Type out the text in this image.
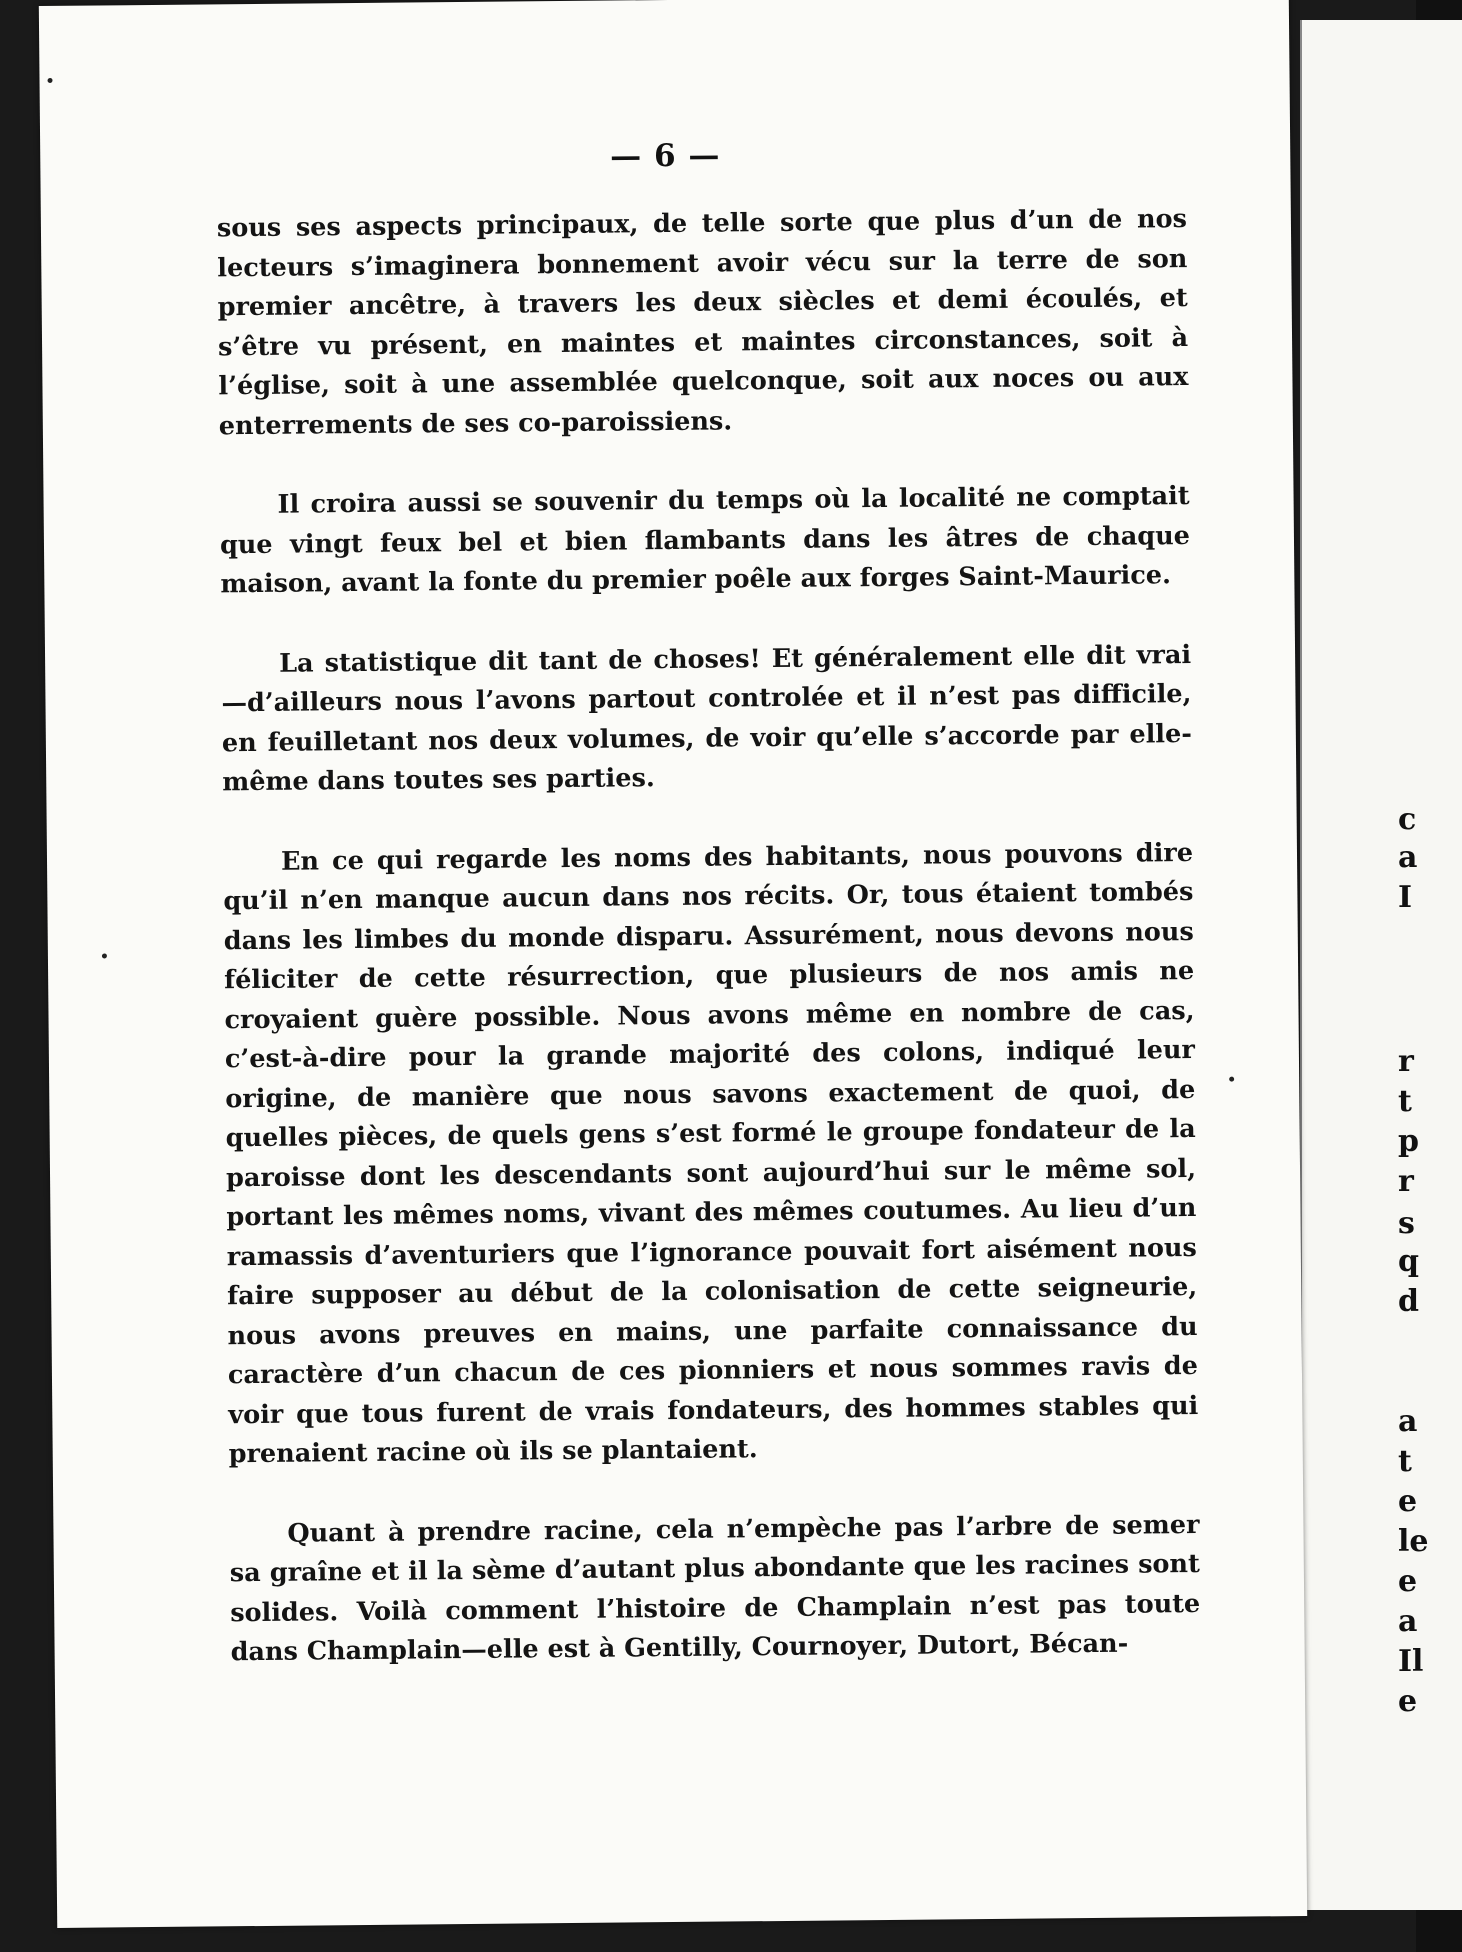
— 6 —

sous ses aspects principaux, de telle sorte que plus d’un de nos lecteurs s’imaginera bonnement avoir vécu sur la terre de son premier ancêtre, à travers les deux siècles et demi écoulés, et s’être vu présent, en maintes et maintes circonstances, soit à l’église, soit à une assemblée quelconque, soit aux noces ou aux enterrements de ses co-paroissiens.

Il croira aussi se souvenir du temps où la localité ne comptait que vingt feux bel et bien flambants dans les âtres de chaque maison, avant la fonte du premier poêle aux forges Saint-Maurice.

La statistique dit tant de choses! Et généralement elle dit vrai—d’ailleurs nous l’avons partout controlée et il n’est pas difficile, en feuilletant nos deux volumes, de voir qu’elle s’accorde par elle-même dans toutes ses parties.

En ce qui regarde les noms des habitants, nous pouvons dire qu’il n’en manque aucun dans nos récits. Or, tous étaient tombés dans les limbes du monde disparu. Assurément, nous devons nous féliciter de cette résurrection, que plusieurs de nos amis ne croyaient guère possible. Nous avons même en nombre de cas, c’est-à-dire pour la grande majorité des colons, indiqué leur origine, de manière que nous savons exactement de quoi, de quelles pièces, de quels gens s’est formé le groupe fondateur de la paroisse dont les descendants sont aujourd’hui sur le même sol, portant les mêmes noms, vivant des mêmes coutumes. Au lieu d’un ramassis d’aventuriers que l’ignorance pouvait fort aisément nous faire supposer au début de la colonisation de cette seigneurie, nous avons preuves en mains, une parfaite connaissance du caractère d’un chacun de ces pionniers et nous sommes ravis de voir que tous furent de vrais fondateurs, des hommes stables qui prenaient racine où ils se plantaient.

Quant à prendre racine, cela n’empèche pas l’arbre de semer sa graîne et il la sème d’autant plus abondante que les racines sont solides. Voilà comment l’histoire de Champlain n’est pas toute dans Champlain—elle est à Gentilly, Cournoyer, Dutort, Bécan-

c
a
I
r
t
p
r
s
q
d
a
t
e
le
e
a
Il
e
